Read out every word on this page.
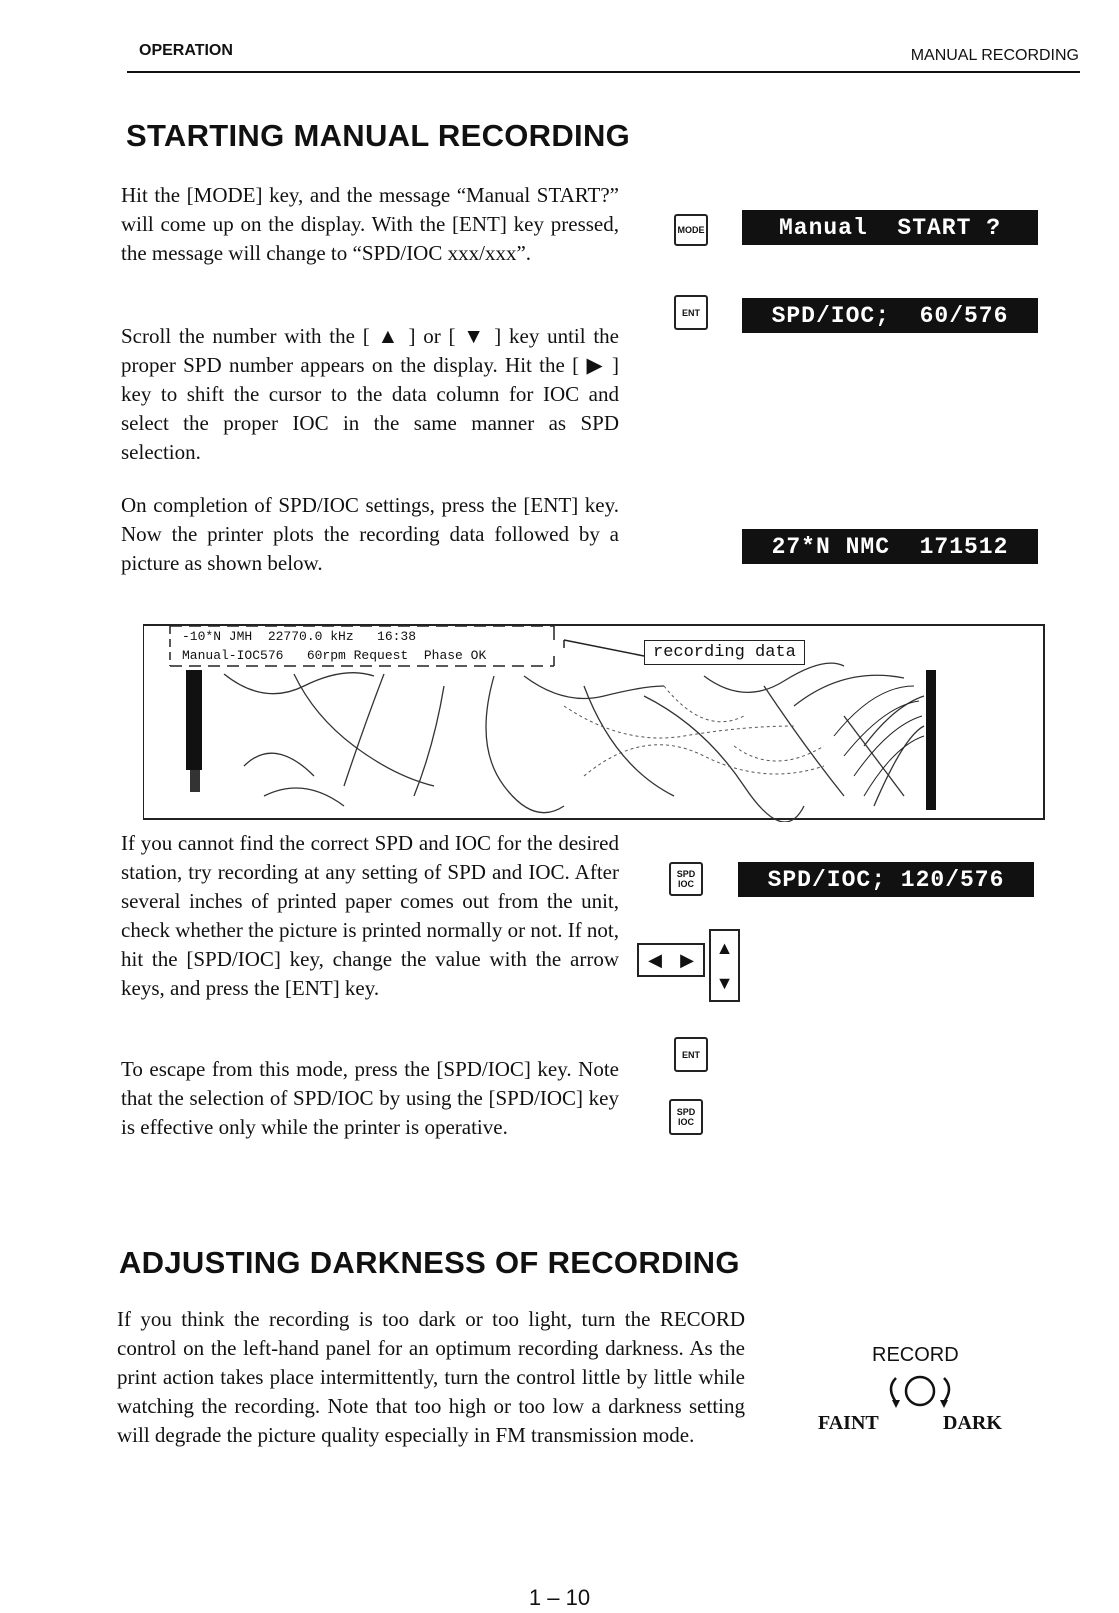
OPERATION	MANUAL RECORDING
STARTING MANUAL RECORDING

Hit the [MODE] key, and the message “Manual START?” will come up on the display. With the [ENT] key pressed, the message will change to “SPD/IOC xxx/xxx”.

Scroll the number with the [ ▲ ] or [ ▼ ] key until the proper SPD number appears on the display. Hit the [ ▶ ] key to shift the cursor to the data column for IOC and select the proper IOC in the same manner as SPD selection.

On completion of SPD/IOC settings, press the [ENT] key. Now the printer plots the recording data followed by a picture as shown below.

MODE	Manual  START ?
ENT	SPD/IOC;  60/576
27*N NMC  171512
-10*N JMH  22770.0 kHz   16:38
Manual-IOC576   60rpm Request  Phase OK	recording data

If you cannot find the correct SPD and IOC for the desired station, try recording at any setting of SPD and IOC. After several inches of printed paper comes out from the unit, check whether the picture is printed normally or not. If not, hit the [SPD/IOC] key, change the value with the arrow keys, and press the [ENT] key.

SPD
IOC	SPD/IOC; 120/576
◀ ▶
▲
▼
ENT

To escape from this mode, press the [SPD/IOC] key. Note that the selection of SPD/IOC by using the [SPD/IOC] key is effective only while the printer is operative.

SPD
IOC
ADJUSTING DARKNESS OF RECORDING

If you think the recording is too dark or too light, turn the RECORD control on the left-hand panel for an optimum recording darkness. As the print action takes place intermittently, turn the control little by little while watching the recording. Note that too high or too low a darkness setting will degrade the picture quality especially in FM transmission mode.

RECORD
FAINT	DARK
1 – 10
